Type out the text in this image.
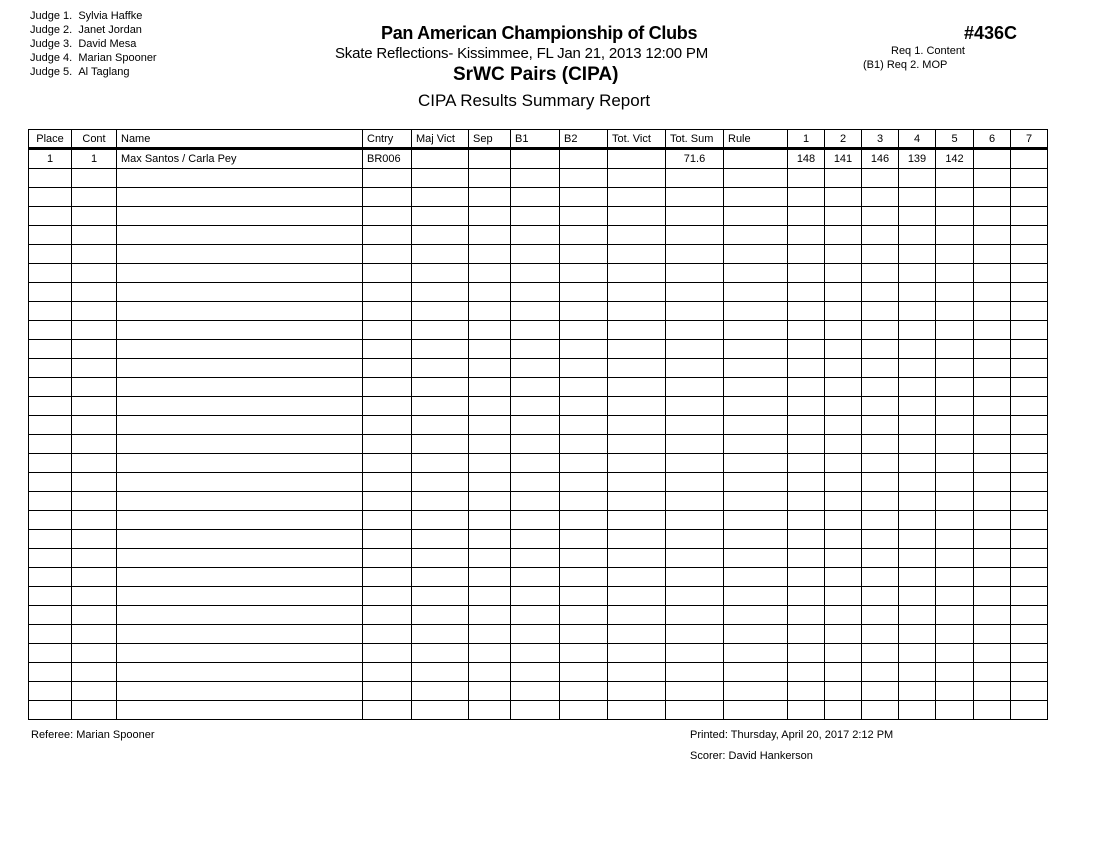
Judge 1. Sylvia Haffke
Judge 2. Janet Jordan
Judge 3. David Mesa
Judge 4. Marian Spooner
Judge 5. Al Taglang
Pan American Championship of Clubs
Skate Reflections- Kissimmee, FL Jan 21, 2013 12:00 PM
SrWC Pairs (CIPA)
CIPA Results Summary Report
#436C
Req 1. Content
(B1) Req 2. MOP
Place	Cont	Name	Cntry	Maj Vict	Sep	B1	B2	Tot. Vict	Tot. Sum	Rule	1	2	3	4	5	6	7
1	1	Max Santos / Carla Pey	BR006						71.6		148	141	146	139	142		

Referee: Marian Spooner	Printed: Thursday, April 20, 2017 2:12 PM
Scorer: David Hankerson
